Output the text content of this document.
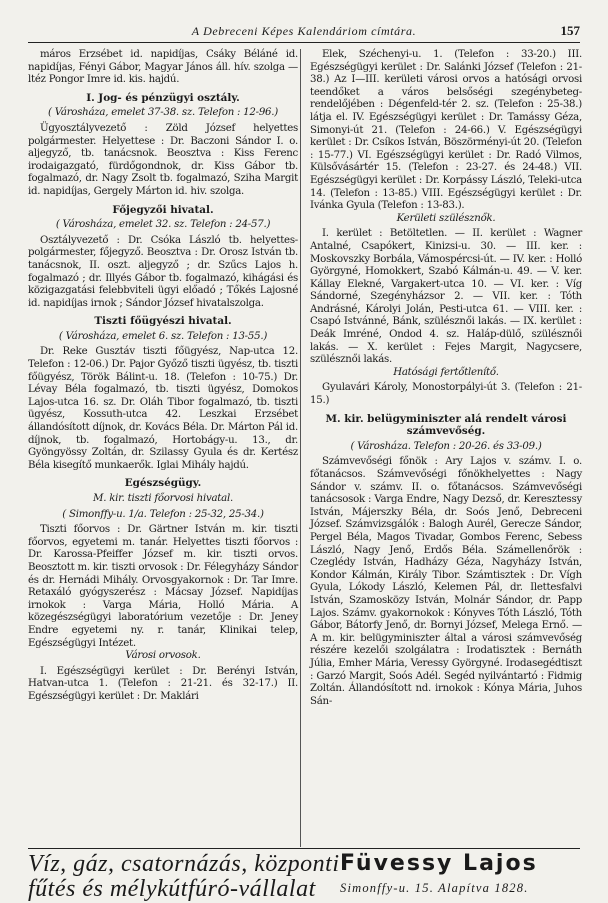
A Debreceni Képes Kalendáriom címtára.	157
máros Erzsébet id. napidíjas, Csáky Béláné id. napidíjas, Fényi Gábor, Magyar János áll. hív. szolga — ltéz Pongor Imre id. kis. hajdú.
I. Jog- és pénzügyi osztály.
( Városháza, emelet 37-38. sz. Telefon : 12-96.)
Ügyosztályvezető : Zöld József helyettes polgármester. Helyettese : Dr. Baczoni Sándor I. o. aljegyző, tb. tanácsnok. Beosztva : Kiss Ferenc irodaigazgató, fürdőgondnok, dr. Kiss Gábor tb. fogalmazó, dr. Nagy Zsolt tb. fogalmazó, Sziha Margit id. napidíjas, Gergely Márton id. hiv. szolga.
Főjegyzői hivatal.
( Városháza, emelet 32. sz. Telefon : 24-57.)
Osztályvezető : Dr. Csóka László tb. helyettes-polgármester, főjegyző. Beosztva : Dr. Orosz István tb. tanácsnok, II. oszt. aljegyző ; dr. Szűcs Lajos h. fogalmazó ; dr. Illyés Gábor tb. fogalmazó, kihágási és közigazgatási felebbviteli ügyi előadó ; Tőkés Lajosné id. napidíjas irnok ; Sándor József hivatalszolga.
Tiszti főügyészi hivatal.
( Városháza, emelet 6. sz. Telefon : 13-55.)
Dr. Reke Gusztáv tiszti főügyész, Nap-utca 12. Telefon : 12-06.) Dr. Pajor Győző tiszti ügyész, tb. tiszti főügyész, Török Bálint-u. 18. (Telefon : 10-75.) Dr. Lévay Béla fogalmazó, tb. tiszti ügyész, Domokos Lajos-utca 16. sz. Dr. Oláh Tibor fogalmazó, tb. tiszti ügyész, Kossuth-utca 42. Leszkai Erzsébet állandósított díjnok, dr. Kovács Béla. Dr. Márton Pál id. díjnok, tb. fogalmazó, Hortobágy-u. 13., dr. Gyöngyössy Zoltán, dr. Szilassy Gyula és dr. Kertész Béla kisegítő munkaerők. Iglai Mihály hajdú.
Egészségügy.
M. kir. tiszti főorvosi hivatal.
( Simonffy-u. 1/a. Telefon : 25-32, 25-34.)
Tiszti főorvos : Dr. Gärtner István m. kir. tiszti főorvos, egyetemi m. tanár. Helyettes tiszti főorvos : Dr. Karossa-Pfeiffer József m. kir. tiszti orvos. Beosztott m. kir. tiszti orvosok : Dr. Félegyházy Sándor és dr. Hernádi Mihály. Orvosgyakornok : Dr. Tar Imre. Retaxáló gyógyszerész : Mácsay József. Napidíjas irnokok : Varga Mária, Holló Mária. A közegészségügyi laboratórium vezetője : Dr. Jeney Endre egyetemi ny. r. tanár, Klinikai telep, Egészségügyi Intézet.
Városi orvosok.
I. Egészségügyi kerület : Dr. Berényi István, Hatvan-utca 1. (Telefon : 21-21. és 32-17.) II. Egészségügyi kerület : Dr. Maklári
Elek, Széchenyi-u. 1. (Telefon : 33-20.) III. Egészségügyi kerület : Dr. Salánki József (Telefon : 21-38.) Az I—III. kerületi városi orvos a hatósági orvosi teendőket a város belsőségi szegénybeteg-rendelőjében : Dégenfeld-tér 2. sz. (Telefon : 25-38.) látja el. IV. Egészségügyi kerület : Dr. Tamássy Géza, Simonyi-út 21. (Telefon : 24-66.) V. Egészségügyi kerület : Dr. Csíkos István, Böszörményi-út 20. (Telefon : 15-77.) VI. Egészségügyi kerület : Dr. Radó Vilmos, Külsővásártér 15. (Telefon : 23-27. és 24-48.) VII. Egészségügyi kerület : Dr. Korpássy László, Teleki-utca 14. (Telefon : 13-85.) VIII. Egészségügyi kerület : Dr. Ivánka Gyula (Telefon : 13-83.).
Kerületi szülésznők.
I. kerület : Betöltetlen. — II. kerület : Wagner Antalné, Csapókert, Kinizsi-u. 30. — III. ker. : Moskovszky Borbála, Vámospércsi-út. — IV. ker. : Holló Györgyné, Homokkert, Szabó Kálmán-u. 49. — V. ker. Kállay Elekné, Vargakert-utca 10. — VI. ker. : Víg Sándorné, Szegényházsor 2. — VII. ker. : Tóth Andrásné, Károlyi Jolán, Pesti-utca 61. — VIII. ker. : Csapó Istvánné, Bánk, szülésznői lakás. — IX. kerület : Deák Imréné, Ondod 4. sz. Haláp-dülő, szülésznői lakás. — X. kerület : Fejes Margit, Nagycsere, szülésznői lakás.
Hatósági fertőtlenítő.
Gyulavári Károly, Monostorpályi-út 3. (Telefon : 21-15.)
M. kir. belügyminiszter alá rendelt városi számvevőség.
( Városháza. Telefon : 20-26. és 33-09.)
Számvevőségi főnök : Ary Lajos v. számv. I. o. főtanácsos. Számvevőségi főnökhelyettes : Nagy Sándor v. számv. II. o. főtanácsos. Számvevőségi tanácsosok : Varga Endre, Nagy Dezső, dr. Keresztessy István, Májerszky Béla, dr. Soós Jenő, Debreceni József. Számvizsgálók : Balogh Aurél, Gerecze Sándor, Pergel Béla, Magos Tivadar, Gombos Ferenc, Sebess László, Nagy Jenő, Erdős Béla. Számellenőrök : Czeglédy István, Hadházy Géza, Nagyházy István, Kondor Kálmán, Király Tibor. Számtisztek : Dr. Vígh Gyula, Lókody László, Kelemen Pál, dr. Ilettesfalvi István, Szamosközy István, Molnár Sándor, dr. Papp Lajos. Számv. gyakornokok : Kónyves Tóth László, Tóth Gábor, Bátorfy Jenő, dr. Bornyi József, Melega Ernő. — A m. kir. belügyminiszter által a városi számvevőség részére kezelői szolgálatra : Irodatisztek : Bernáth Júlia, Emher Mária, Veressy Györgyné. Irodasegédtiszt : Garzó Margit, Soós Adél. Segéd nyilvántartó : Fidmig Zoltán. Állandósított nd. irnokok : Kónya Mária, Juhos Sán-
Víz, gáz, csatornázás, központi
fűtés és mélykútfúró-vállalat
Füvessy Lajos
Simonffy-u. 15. Alapítva 1828.
